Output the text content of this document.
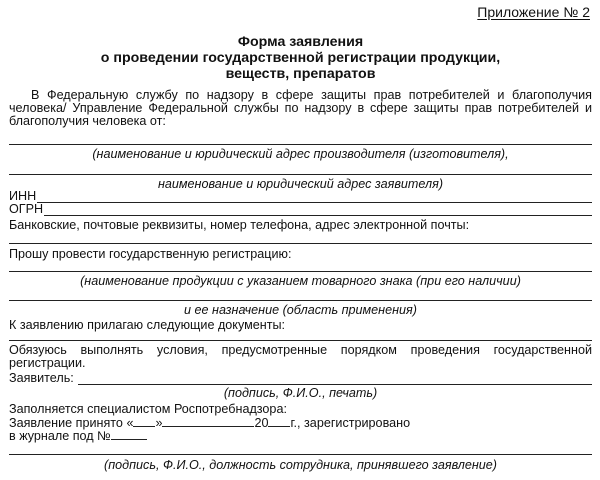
Приложение № 2
Форма заявления
о проведении государственной регистрации продукции,
веществ, препаратов
В Федеральную службу по надзору в сфере защиты прав потребителей и благополучия человека/ Управление Федеральной службы по надзору в сфере защиты прав потребителей и благополучия человека от:
(наименование и юридический адрес производителя (изготовителя),
наименование и юридический адрес заявителя)
ИНН
ОГРН
Банковские, почтовые реквизиты, номер телефона, адрес электронной почты:
Прошу провести государственную регистрацию:
(наименование продукции с указанием товарного знака (при его наличии)
и ее назначение (область применения)
К заявлению прилагаю следующие документы:
Обязуюсь выполнять условия, предусмотренные порядком проведения государственной регистрации.
Заявитель:
(подпись, Ф.И.О., печать)
Заполняется специалистом Роспотребнадзора:
Заявление принято « »	20 г., зарегистрировано
в журнале под №
(подпись, Ф.И.О., должность сотрудника, принявшего заявление)
